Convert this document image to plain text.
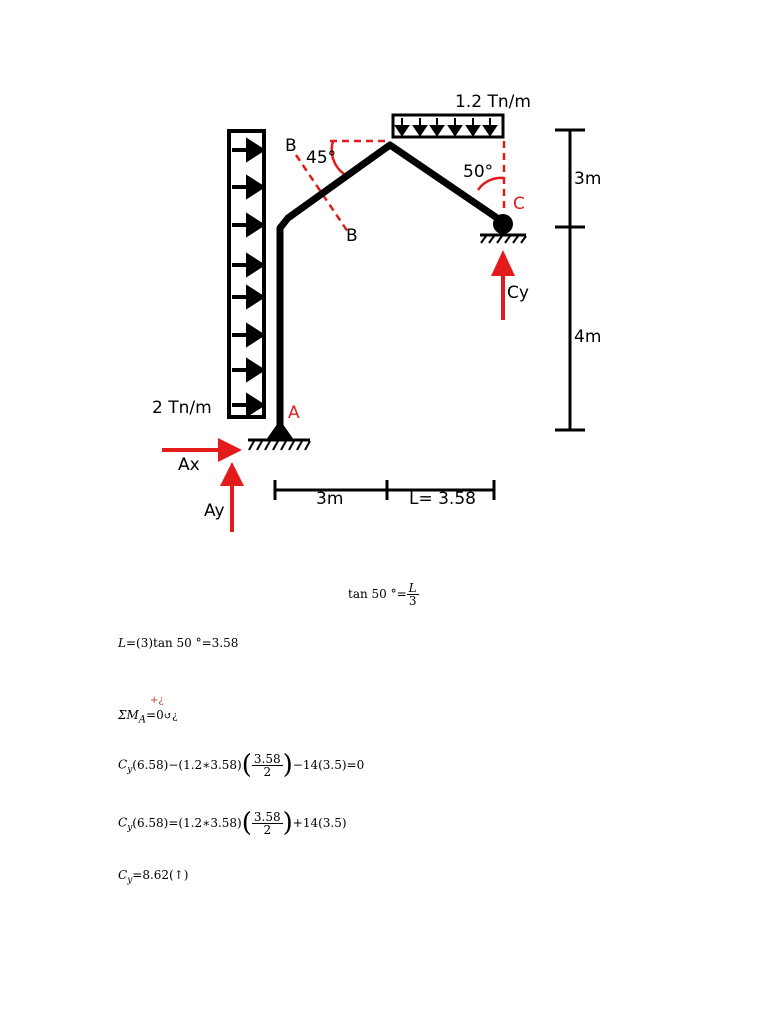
2 Tn/m
1.2 Tn/m
A
C
B
B
45°
50°	3m
4m
3m	L= 3.58
Ax
Ay
Cy
tan 50 °= $\frac{L}{3}$
L=(3)tan 50 °=3.58
+¿
$\Sigma M_A=0↺¿$
$C_y(6.58)-(1.2∗3.58)( \frac{3.58}{2} )-14(3.5)=0$
$C_y(6.58)=(1.2∗3.58)( \frac{3.58}{2} )+14(3.5)$
$C_y=8.62(↑)$
